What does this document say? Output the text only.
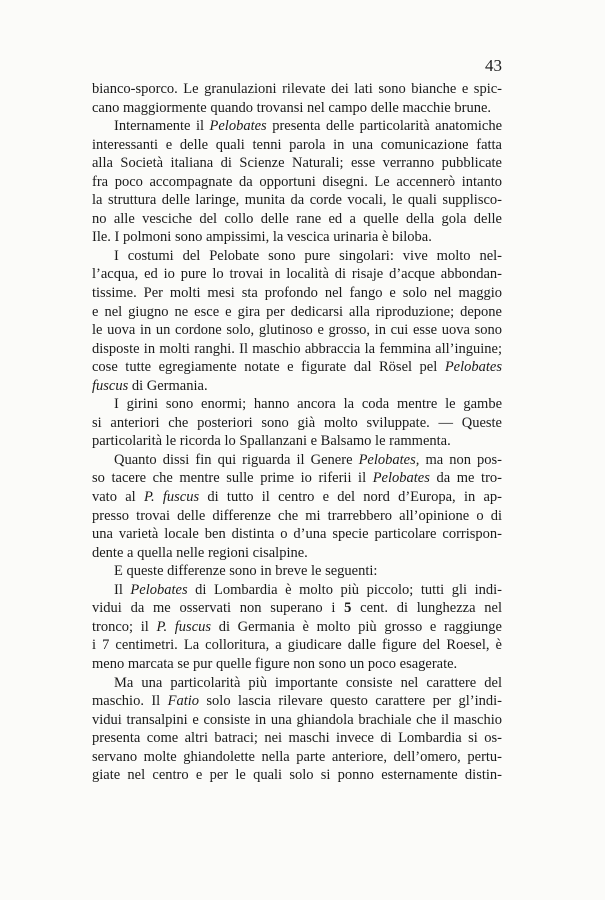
43
bianco-sporco. Le granulazioni rilevate dei lati sono bianche e spic-
cano maggiormente quando trovansi nel campo delle macchie brune.
Internamente il Pelobates presenta delle particolarità anatomiche
interessanti e delle quali tenni parola in una comunicazione fatta
alla Società italiana di Scienze Naturali; esse verranno pubblicate
fra poco accompagnate da opportuni disegni. Le accennerò intanto
la struttura delle laringe, munita da corde vocali, le quali supplisco-
no alle vesciche del collo delle rane ed a quelle della gola delle
Ile. I polmoni sono ampissimi, la vescica urinaria è biloba.
I costumi del Pelobate sono pure singolari: vive molto nel-
l’acqua, ed io pure lo trovai in località di risaje d’acque abbondan-
tissime. Per molti mesi sta profondo nel fango e solo nel maggio
e nel giugno ne esce e gira per dedicarsi alla riproduzione; depone
le uova in un cordone solo, glutinoso e grosso, in cui esse uova sono
disposte in molti ranghi. Il maschio abbraccia la femmina all’inguine;
cose tutte egregiamente notate e figurate dal Rösel pel Pelobates
fuscus di Germania.
I girini sono enormi; hanno ancora la coda mentre le gambe
si anteriori che posteriori sono già molto sviluppate. — Queste
particolarità le ricorda lo Spallanzani e Balsamo le rammenta.
Quanto dissi fin qui riguarda il Genere Pelobates, ma non pos-
so tacere che mentre sulle prime io riferii il Pelobates da me tro-
vato al P. fuscus di tutto il centro e del nord d’Europa, in ap-
presso trovai delle differenze che mi trarrebbero all’opinione o di
una varietà locale ben distinta o d’una specie particolare corrispon-
dente a quella nelle regioni cisalpine.
E queste differenze sono in breve le seguenti:
Il Pelobates di Lombardia è molto più piccolo; tutti gli indi-
vidui da me osservati non superano i 5 cent. di lunghezza nel
tronco; il P. fuscus di Germania è molto più grosso e raggiunge
i 7 centimetri. La colloritura, a giudicare dalle figure del Roesel, è
meno marcata se pur quelle figure non sono un poco esagerate.
Ma una particolarità più importante consiste nel carattere del
maschio. Il Fatio solo lascia rilevare questo carattere per gl’indi-
vidui transalpini e consiste in una ghiandola brachiale che il maschio
presenta come altri batraci; nei maschi invece di Lombardia si os-
servano molte ghiandolette nella parte anteriore, dell’omero, pertu-
giate nel centro e per le quali solo si ponno esternamente distin-
